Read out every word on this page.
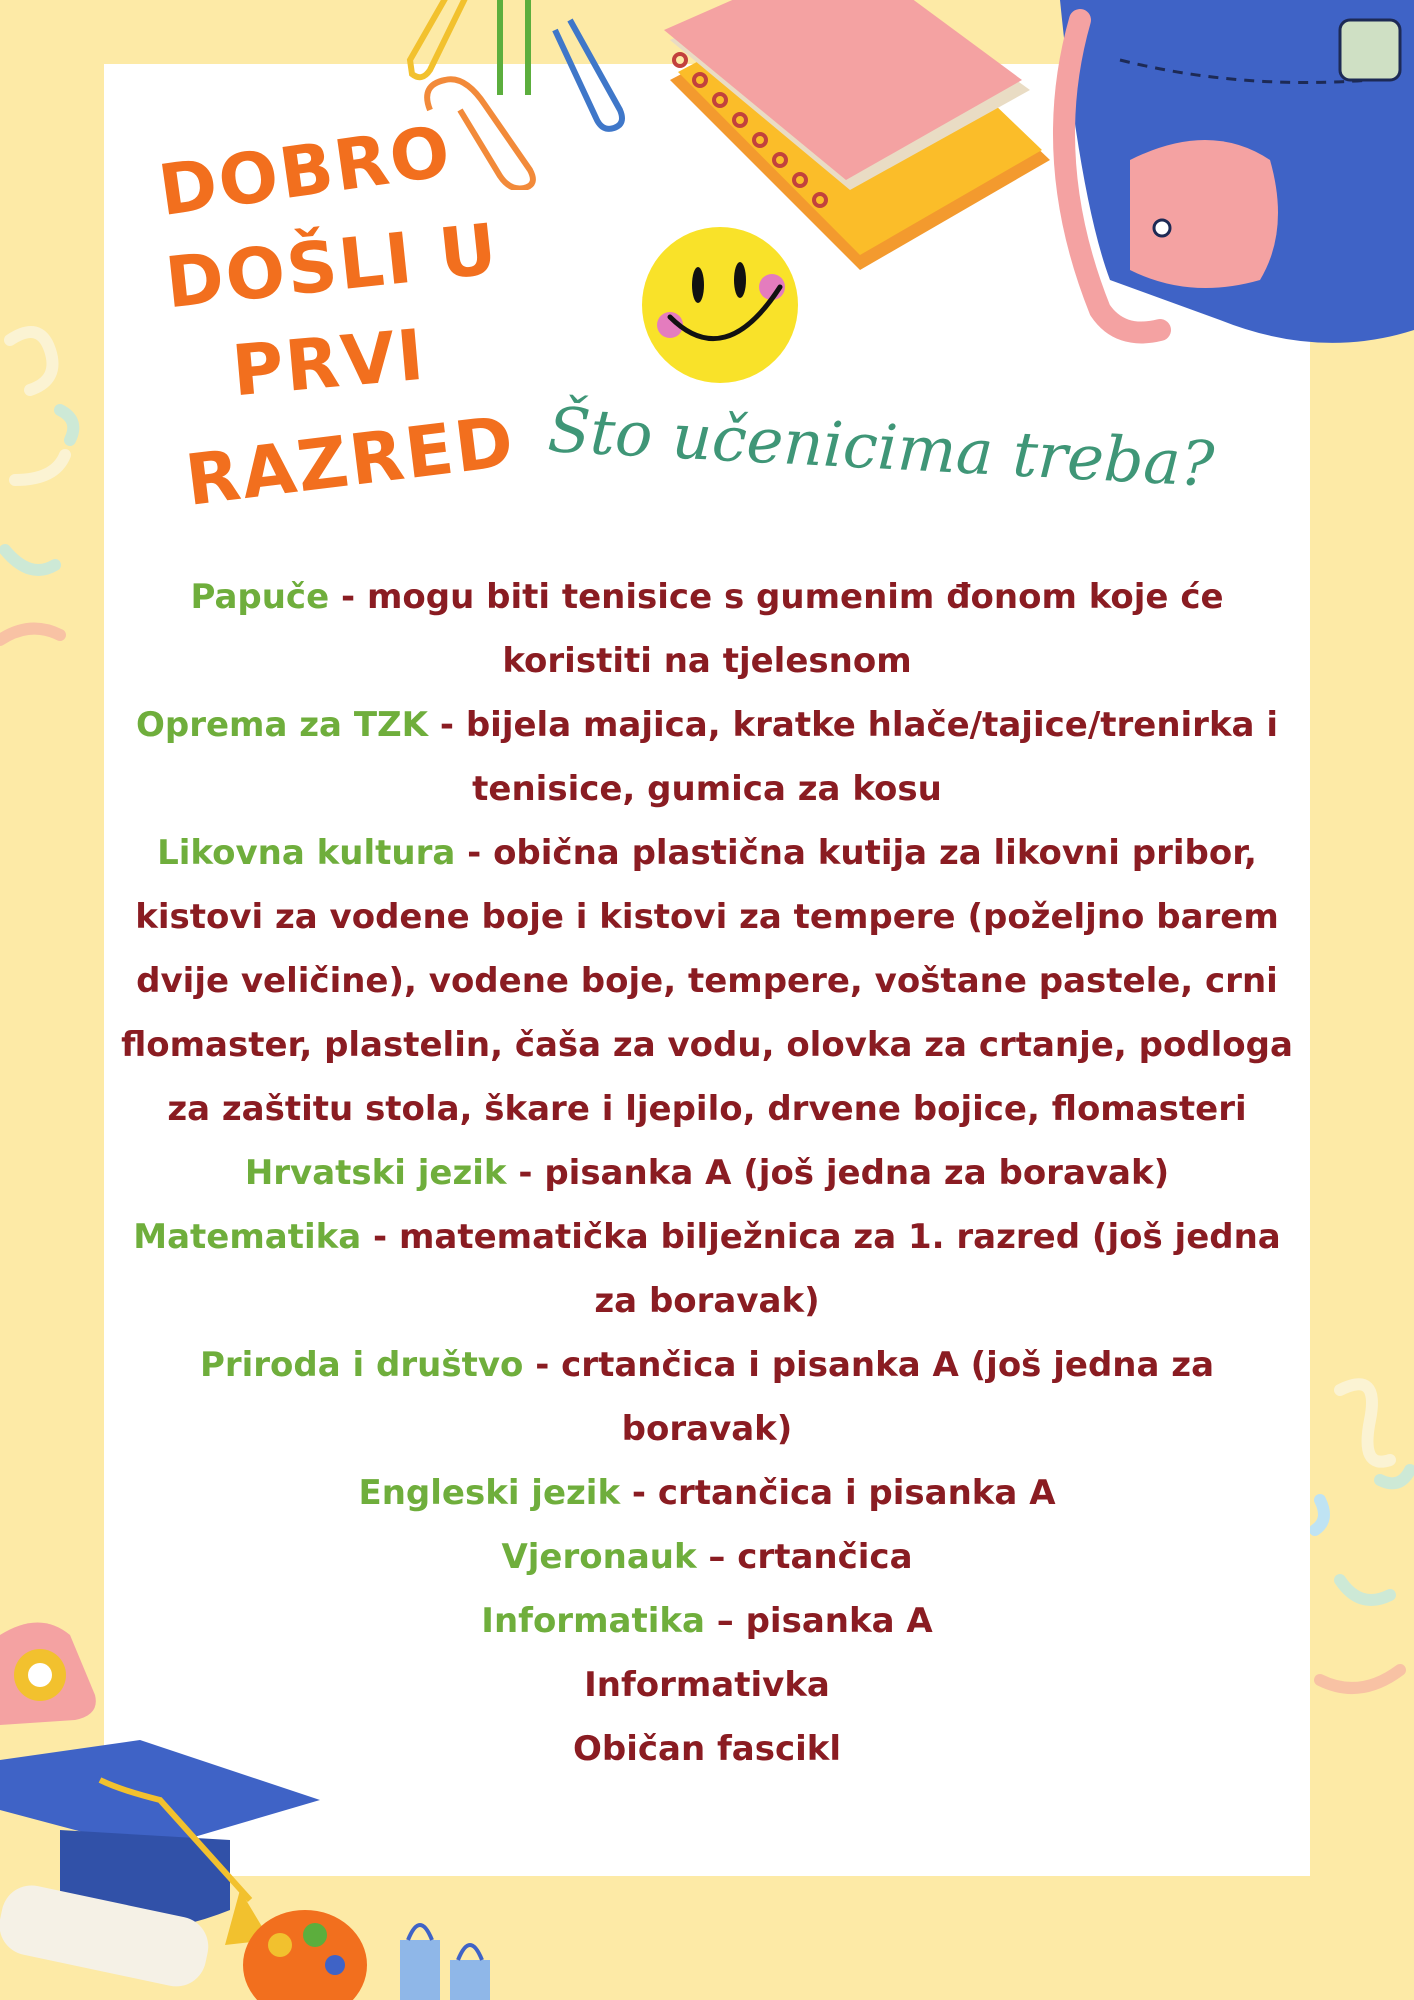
DOBRO
DOŠLI U
PRVI
RAZRED Što učenicima treba?
Papuče - mogu biti tenisice s gumenim đonom koje će koristiti na tjelesnom
Oprema za TZK - bijela majica, kratke hlače/tajice/trenirka i tenisice, gumica za kosu
Likovna kultura - obična plastična kutija za likovni pribor, kistovi za vodene boje i kistovi za tempere (poželjno barem dvije veličine), vodene boje, tempere, voštane pastele, crni flomaster, plastelin, čaša za vodu, olovka za crtanje, podloga za zaštitu stola, škare i ljepilo, drvene bojice, flomasteri
Hrvatski jezik - pisanka A (još jedna za boravak)
Matematika - matematička bilježnica za 1. razred (još jedna za boravak)
Priroda i društvo - crtančica i pisanka A (još jedna za boravak)
Engleski jezik - crtančica i pisanka A
Vjeronauk – crtančica
Informatika – pisanka A
Informativka
Običan fascikl
